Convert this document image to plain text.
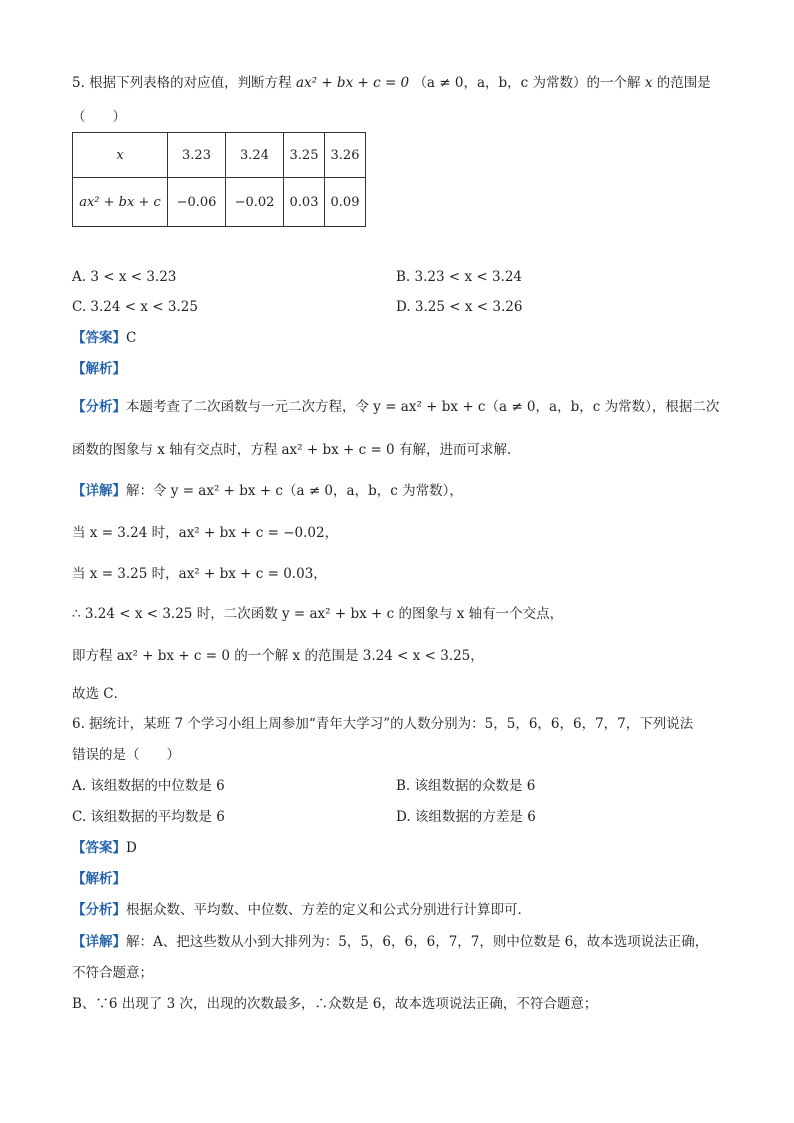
5. 根据下列表格的对应值，判断方程 ax² + bx + c = 0 （a ≠ 0，a，b，c 为常数）的一个解 x 的范围是
（　　）
x	3.23	3.24	3.25	3.26
ax² + bx + c	−0.06	−0.02	0.03	0.09
A. 3 < x < 3.23	B. 3.23 < x < 3.24
C. 3.24 < x < 3.25	D. 3.25 < x < 3.26
【答案】C
【解析】
【分析】本题考查了二次函数与一元二次方程，令 y = ax² + bx + c（a ≠ 0，a，b，c 为常数），根据二次
函数的图象与 x 轴有交点时，方程 ax² + bx + c = 0 有解，进而可求解．
【详解】解：令 y = ax² + bx + c（a ≠ 0，a，b，c 为常数），
当 x = 3.24 时，ax² + bx + c = −0.02，
当 x = 3.25 时，ax² + bx + c = 0.03，
∴ 3.24 < x < 3.25 时，二次函数 y = ax² + bx + c 的图象与 x 轴有一个交点，
即方程 ax² + bx + c = 0 的一个解 x 的范围是 3.24 < x < 3.25，
故选 C．
6. 据统计，某班 7 个学习小组上周参加“青年大学习”的人数分别为：5，5，6，6，6，7，7，下列说法
错误的是（　　）
A. 该组数据的中位数是 6	B. 该组数据的众数是 6
C. 该组数据的平均数是 6	D. 该组数据的方差是 6
【答案】D
【解析】
【分析】根据众数、平均数、中位数、方差的定义和公式分别进行计算即可．
【详解】解：A、把这些数从小到大排列为：5，5，6，6，6，7，7，则中位数是 6，故本选项说法正确，
不符合题意；
B、∵6 出现了 3 次，出现的次数最多，∴众数是 6，故本选项说法正确，不符合题意；
